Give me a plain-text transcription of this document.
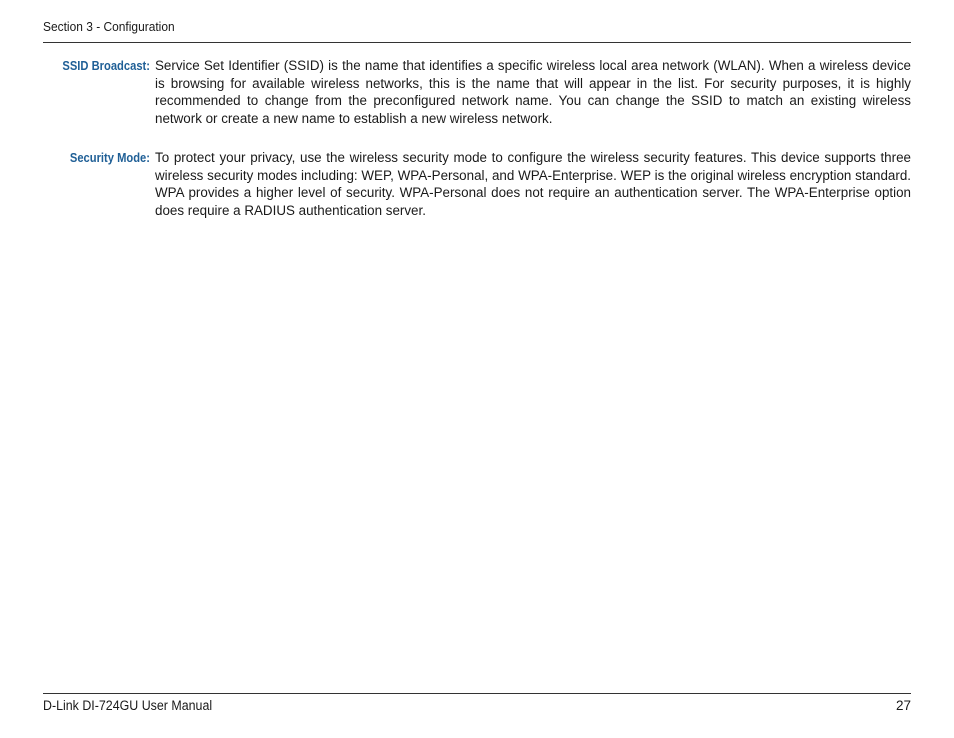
Section 3 - Configuration
SSID Broadcast: Service Set Identifier (SSID) is the name that identifies a specific wireless local area network (WLAN). When a wireless device is browsing for available wireless networks, this is the name that will appear in the list. For security purposes, it is highly recommended to change from the preconfigured network name. You can change the SSID to match an existing wireless network or create a new name to establish a new wireless network.
Security Mode: To protect your privacy, use the wireless security mode to configure the wireless security features. This device supports three wireless security modes including: WEP, WPA-Personal, and WPA-Enterprise. WEP is the original wireless encryption standard. WPA provides a higher level of security. WPA-Personal does not require an authentication server. The WPA-Enterprise option does require a RADIUS authentication server.
D-Link DI-724GU User Manual	27
